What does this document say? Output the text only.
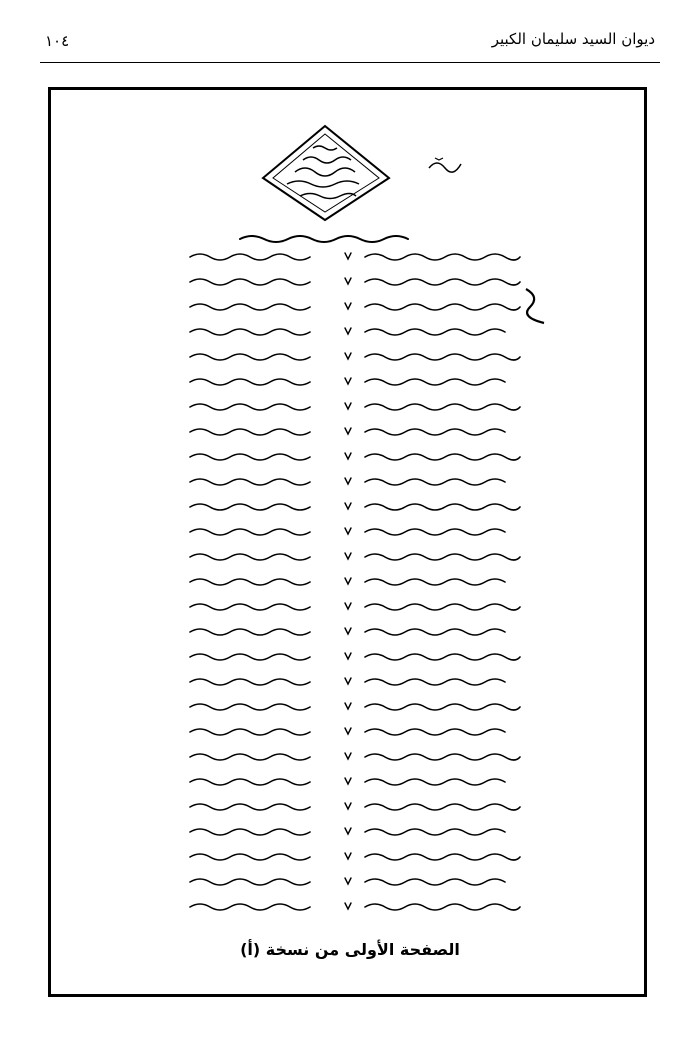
ديوان السيد سليمان الكبير
١٠٤
الصفحة الأولى من نسخة (أ)
